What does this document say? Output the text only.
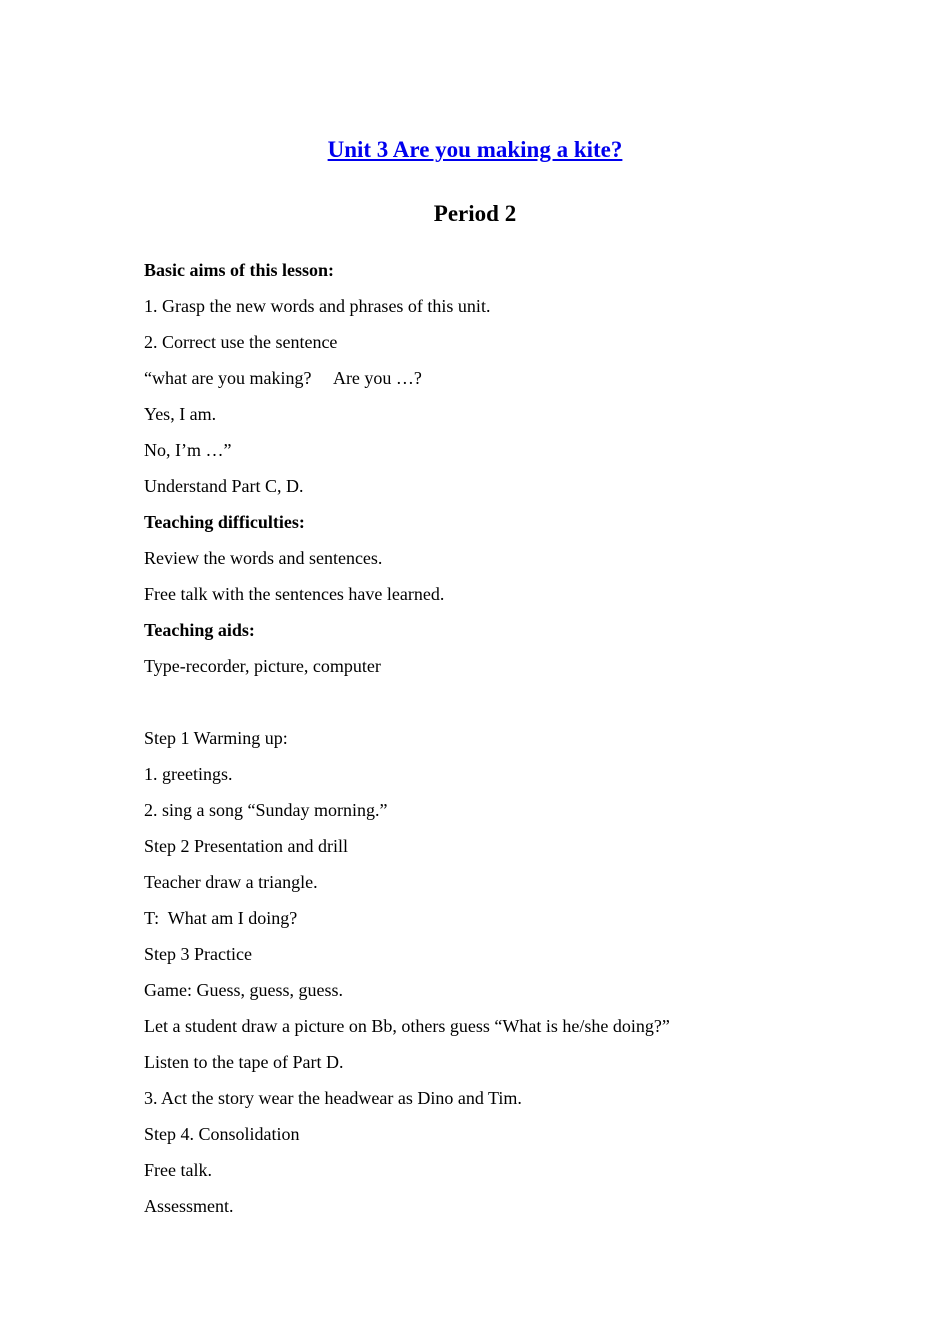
Unit 3 Are you making a kite?
Period 2
Basic aims of this lesson:
1. Grasp the new words and phrases of this unit.
2. Correct use the sentence
“what are you making?     Are you …?
Yes, I am.
No, I’m …”
Understand Part C, D.
Teaching difficulties:
Review the words and sentences.
Free talk with the sentences have learned.
Teaching aids:
Type-recorder, picture, computer
Step 1 Warming up:
1. greetings.
2. sing a song “Sunday morning.”
Step 2 Presentation and drill
Teacher draw a triangle.
T:  What am I doing?
Step 3 Practice
Game: Guess, guess, guess.
Let a student draw a picture on Bb, others guess “What is he/she doing?”
Listen to the tape of Part D.
3. Act the story wear the headwear as Dino and Tim.
Step 4. Consolidation
Free talk.
Assessment.
